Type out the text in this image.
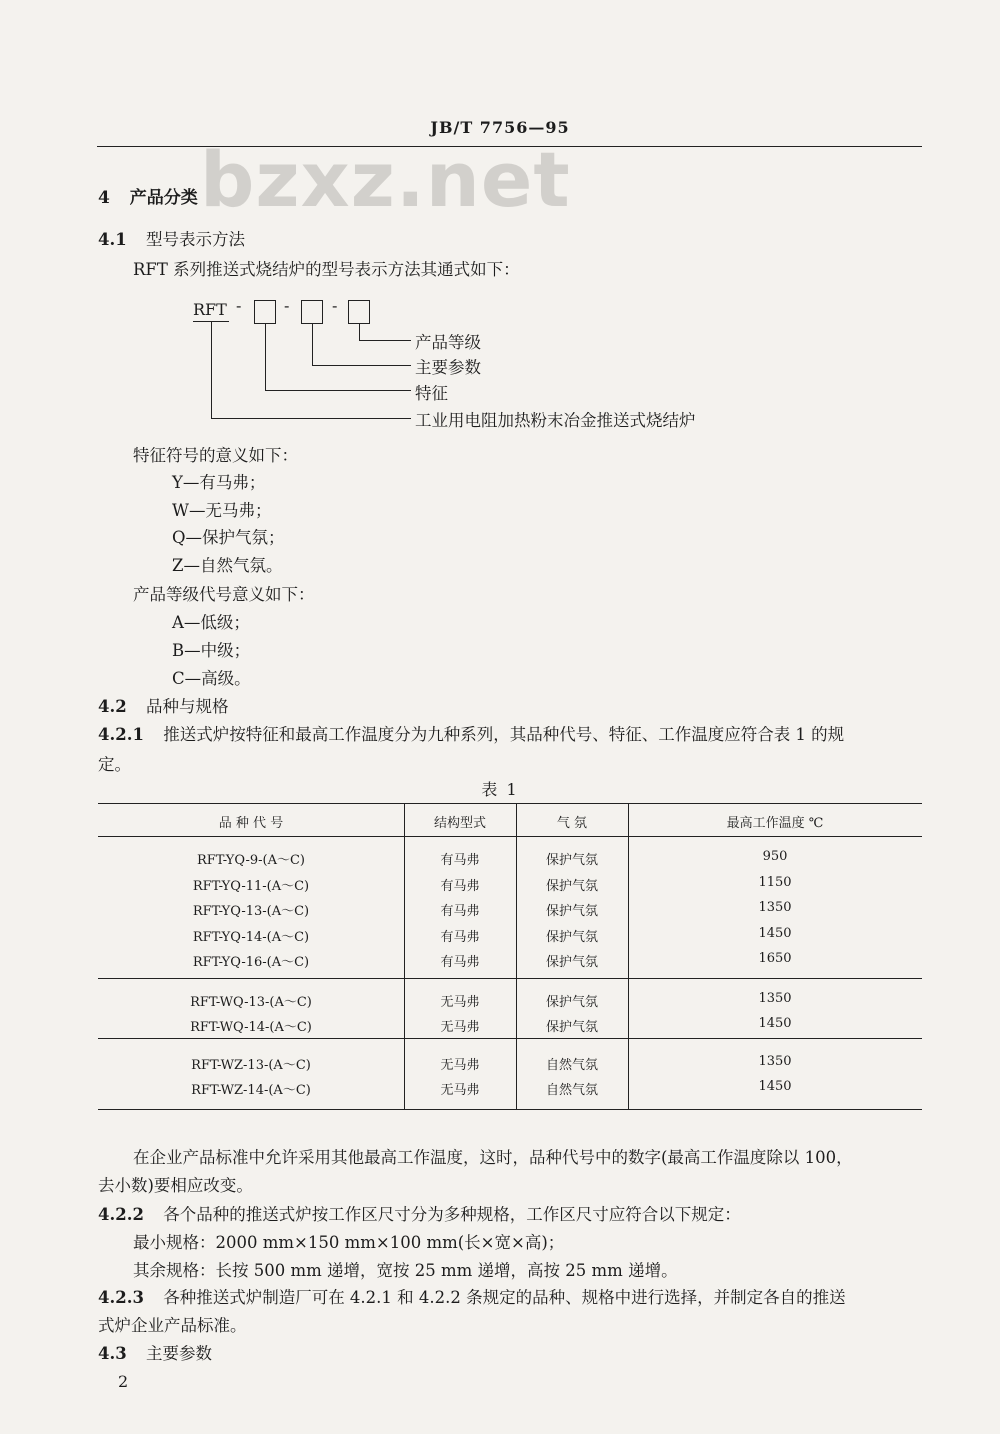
bzxz.net
JB/T 7756—95
4 产品分类
4.1 型号表示方法
RFT 系列推送式烧结炉的型号表示方法其通式如下：
RFT -	-	-
产品等级
主要参数
特征
工业用电阻加热粉末冶金推送式烧结炉
特征符号的意义如下：
Y—有马弗；
W—无马弗；
Q—保护气氛；
Z—自然气氛。
产品等级代号意义如下：
A—低级；
B—中级；
C—高级。
4.2 品种与规格
4.2.1 推送式炉按特征和最高工作温度分为九种系列，其品种代号、特征、工作温度应符合表 1 的规
定。
表 1
品 种 代 号	结构型式	气 氛	最高工作温度 ℃
RFT-YQ-9-(A～C)	有马弗	保护气氛	950
RFT-YQ-11-(A～C)	有马弗	保护气氛	1150
RFT-YQ-13-(A～C)	有马弗	保护气氛	1350
RFT-YQ-14-(A～C)	有马弗	保护气氛	1450
RFT-YQ-16-(A～C)	有马弗	保护气氛	1650
RFT-WQ-13-(A～C)	无马弗	保护气氛	1350
RFT-WQ-14-(A～C)	无马弗	保护气氛	1450
RFT-WZ-13-(A～C)	无马弗	自然气氛	1350
RFT-WZ-14-(A～C)	无马弗	自然气氛	1450
在企业产品标准中允许采用其他最高工作温度，这时，品种代号中的数字(最高工作温度除以 100，
去小数)要相应改变。
4.2.2 各个品种的推送式炉按工作区尺寸分为多种规格，工作区尺寸应符合以下规定：
最小规格：2000 mm×150 mm×100 mm(长×宽×高)；
其余规格：长按 500 mm 递增，宽按 25 mm 递增，高按 25 mm 递增。
4.2.3 各种推送式炉制造厂可在 4.2.1 和 4.2.2 条规定的品种、规格中进行选择，并制定各自的推送
式炉企业产品标准。
4.3 主要参数
2
